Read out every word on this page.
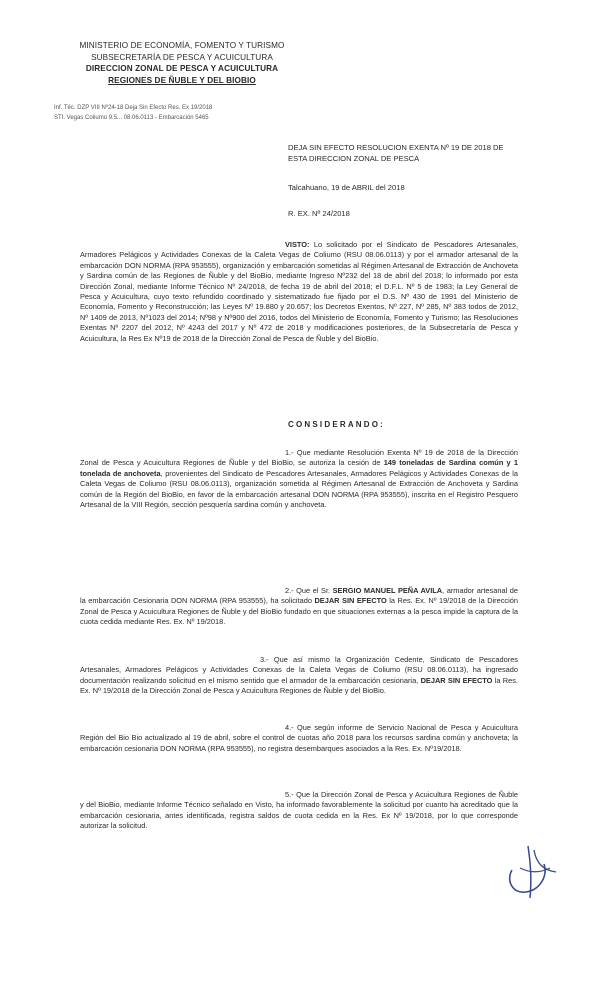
MINISTERIO DE ECONOMÍA, FOMENTO Y TURISMO
SUBSECRETARÍA DE PESCA Y ACUICULTURA
DIRECCION ZONAL DE PESCA Y ACUICULTURA
REGIONES DE ÑUBLE Y DEL BIOBIO
Inf. Téc. DZP VIII Nº24-18 Deja Sin Efecto Res. Ex 19/2018
STI. Vegas Coliumo 9.5... 08.06.0113 - Embarcación 5465
DEJA SIN EFECTO RESOLUCION EXENTA Nº 19 DE 2018 DE ESTA DIRECCION ZONAL DE PESCA
Talcahuano, 19 de ABRIL del 2018
R. EX. Nº 24/2018

VISTO: Lo solicitado por el Sindicato de Pescadores Artesanales, Armadores Pelágicos y Actividades Conexas de la Caleta Vegas de Coliumo (RSU 08.06.0113) y por el armador artesanal de la embarcación DON NORMA (RPA 953555), organización y embarcación sometidas al Régimen Artesanal de Extracción de Anchoveta y Sardina común de las Regiones de Ñuble y del BioBio, mediante Ingreso Nº232 del 18 de abril del 2018; lo informado por esta Dirección Zonal, mediante Informe Técnico Nº 24/2018, de fecha 19 de abril del 2018; el D.F.L. Nº 5 de 1983; la Ley General de Pesca y Acuicultura, cuyo texto refundido coordinado y sistematizado fue fijado por el D.S. Nº 430 de 1991 del Ministerio de Economía, Fomento y Reconstrucción; las Leyes Nº 19.880 y 20.657; los Decretos Exentos, Nº 227, Nº 285, Nº 383 todos de 2012, Nº 1409 de 2013, Nº1023 del 2014; Nº98 y Nº900 del 2016, todos del Ministerio de Economía, Fomento y Turismo; las Resoluciones Exentas Nº 2207 del 2012, Nº 4243 del 2017 y Nº 472 de 2018 y modificaciones posteriores, de la Subsecretaría de Pesca y Acuicultura, la Res Ex Nº19 de 2018 de la Dirección Zonal de Pesca de Ñuble y del BioBio.

CONSIDERANDO:

1.- Que mediante Resolución Exenta Nº 19 de 2018 de la Dirección Zonal de Pesca y Acuicultura Regiones de Ñuble y del BioBio, se autoriza la cesión de 149 toneladas de Sardina común y 1 tonelada de anchoveta, provenientes del Sindicato de Pescadores Artesanales, Armadores Pelágicos y Actividades Conexas de la Caleta Vegas de Coliumo (RSU 08.06.0113), organización sometida al Régimen Artesanal de Extracción de Anchoveta y Sardina común de la Región del BioBio, en favor de la embarcación artesanal DON NORMA (RPA 953555), inscrita en el Registro Pesquero Artesanal de la VIII Región, sección pesquería sardina común y anchoveta.

2.- Que el Sr. SERGIO MANUEL PEÑA AVILA, armador artesanal de la embarcación Cesionaria DON NORMA (RPA 953555), ha solicitado DEJAR SIN EFECTO la Res. Ex. Nº 19/2018 de la Dirección Zonal de Pesca y Acuicultura Regiones de Ñuble y del BioBio fundado en que situaciones externas a la pesca impide la captura de la cuota cedida mediante Res. Ex. Nº 19/2018.

3.- Que así mismo la Organización Cedente, Sindicato de Pescadores Artesanales, Armadores Pelágicos y Actividades Conexas de la Caleta Vegas de Coliumo (RSU 08.06.0113), ha ingresado documentación realizando solicitud en el mismo sentido que el armador de la embarcación cesionaria, DEJAR SIN EFECTO la Res. Ex. Nº 19/2018 de la Dirección Zonal de Pesca y Acuicultura Regiones de Ñuble y del BioBio.

4.- Que según informe de Servicio Nacional de Pesca y Acuicultura Región del Bio Bio actualizado al 19 de abril, sobre el control de cuotas año 2018 para los recursos sardina común y anchoveta; la embarcación cesionaria DON NORMA (RPA 953555), no registra desembarques asociados a la Res. Ex. Nº19/2018.

5.- Que la Dirección Zonal de Pesca y Acuicultura Regiones de Ñuble y del BioBio, mediante Informe Técnico señalado en Visto, ha informado favorablemente la solicitud por cuanto ha acreditado que la embarcación cesionaria, antes identificada, registra saldos de cuota cedida en la Res. Ex Nº 19/2018, por lo que corresponde autorizar la solicitud.
